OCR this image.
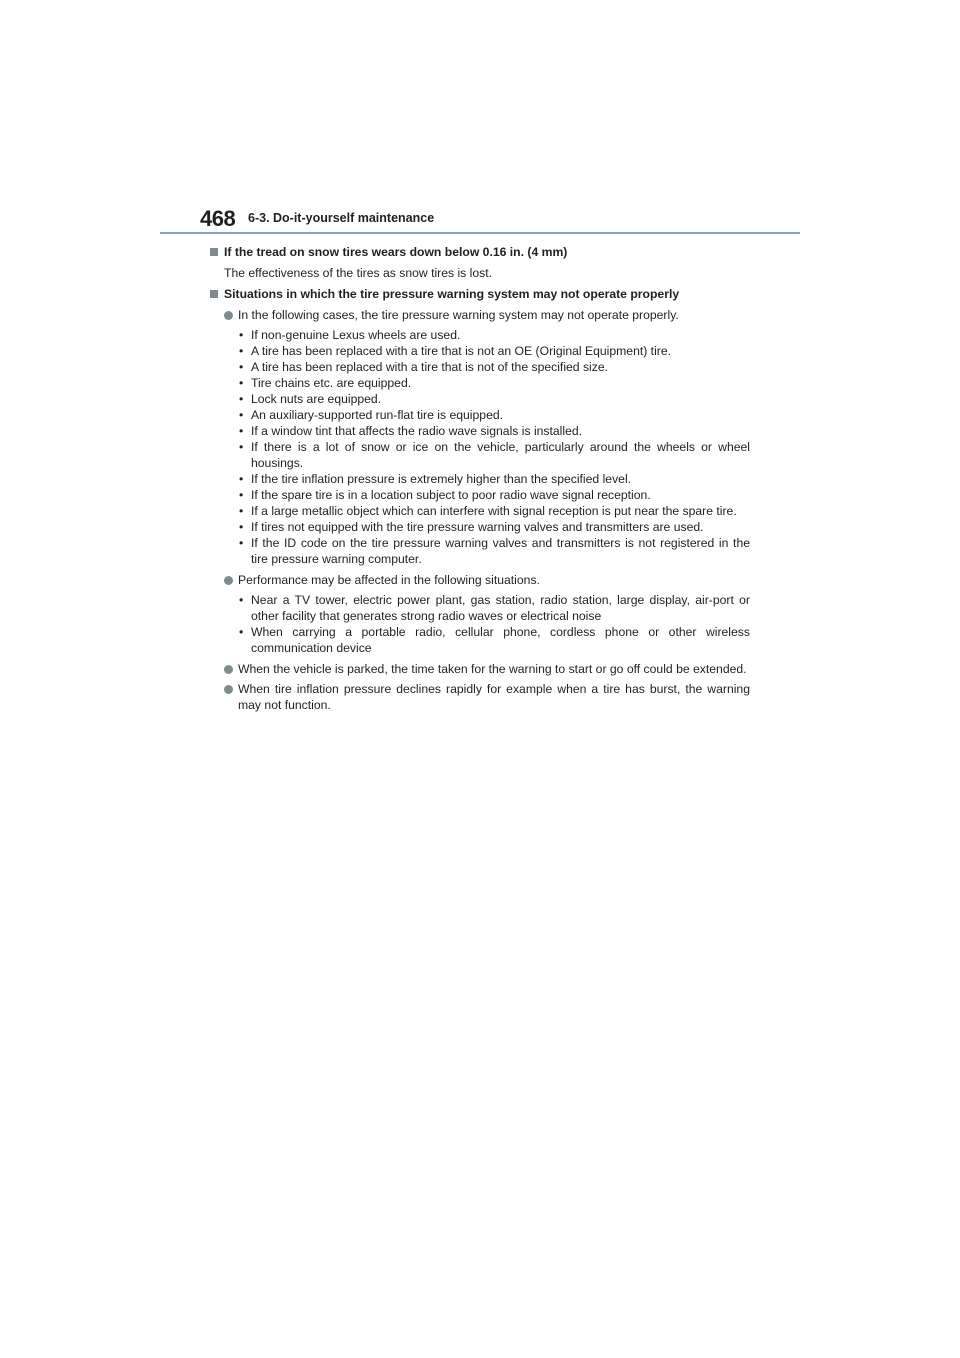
468 6-3. Do-it-yourself maintenance
If the tread on snow tires wears down below 0.16 in. (4 mm)
The effectiveness of the tires as snow tires is lost.
Situations in which the tire pressure warning system may not operate properly
In the following cases, the tire pressure warning system may not operate properly.
• If non-genuine Lexus wheels are used.
• A tire has been replaced with a tire that is not an OE (Original Equipment) tire.
• A tire has been replaced with a tire that is not of the specified size.
• Tire chains etc. are equipped.
• Lock nuts are equipped.
• An auxiliary-supported run-flat tire is equipped.
• If a window tint that affects the radio wave signals is installed.
• If there is a lot of snow or ice on the vehicle, particularly around the wheels or wheel housings.
• If the tire inflation pressure is extremely higher than the specified level.
• If the spare tire is in a location subject to poor radio wave signal reception.
• If a large metallic object which can interfere with signal reception is put near the spare tire.
• If tires not equipped with the tire pressure warning valves and transmitters are used.
• If the ID code on the tire pressure warning valves and transmitters is not registered in the tire pressure warning computer.
Performance may be affected in the following situations.
• Near a TV tower, electric power plant, gas station, radio station, large display, air-port or other facility that generates strong radio waves or electrical noise
• When carrying a portable radio, cellular phone, cordless phone or other wireless communication device
When the vehicle is parked, the time taken for the warning to start or go off could be extended.
When tire inflation pressure declines rapidly for example when a tire has burst, the warning may not function.
